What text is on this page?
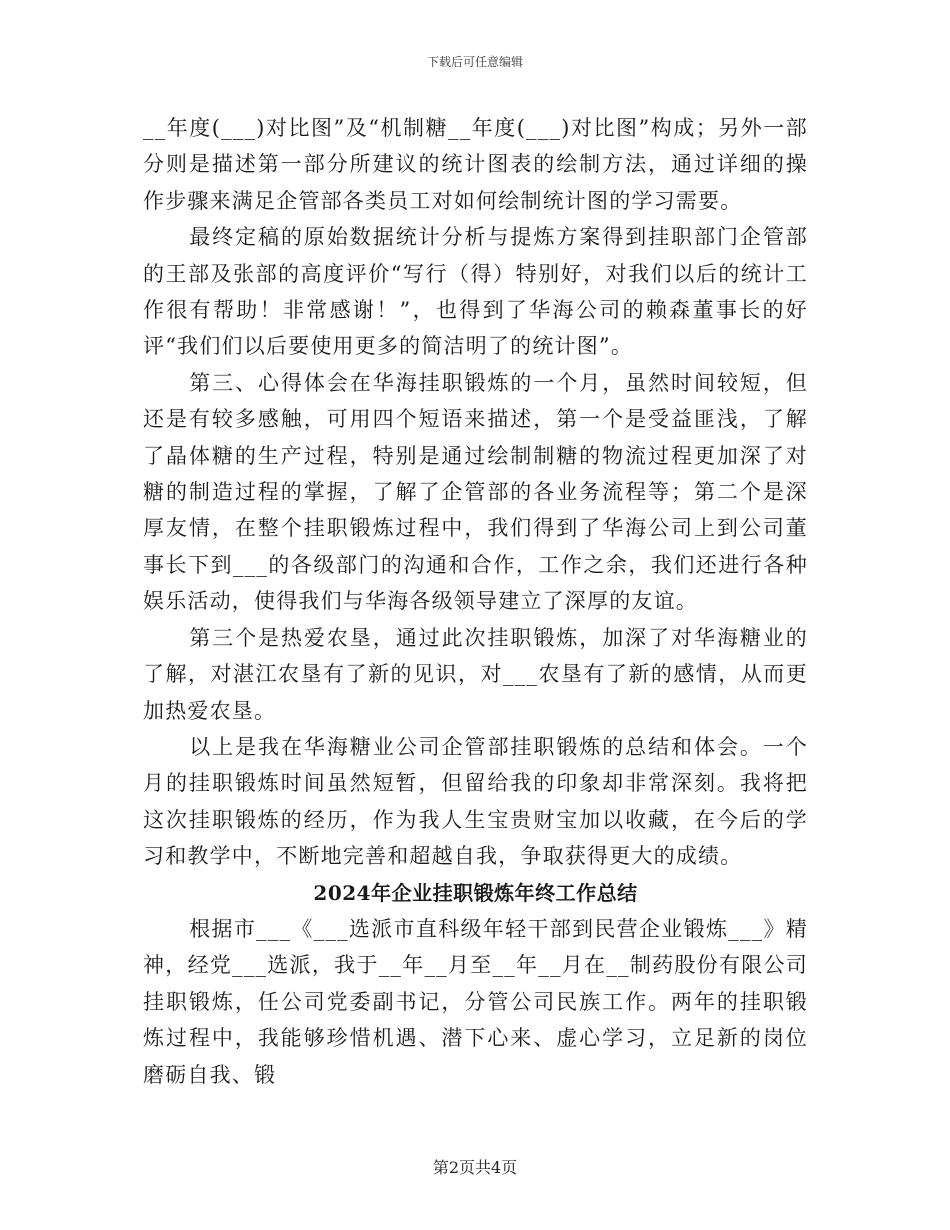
下载后可任意编辑

__年度(___)对比图”及“机制糖__年度(___)对比图”构成；另外一部分则是描述第一部分所建议的统计图表的绘制方法，通过详细的操作步骤来满足企管部各类员工对如何绘制统计图的学习需要。

最终定稿的原始数据统计分析与提炼方案得到挂职部门企管部的王部及张部的高度评价“写行（得）特别好，对我们以后的统计工作很有帮助！非常感谢！”，也得到了华海公司的赖森董事长的好评“我们们以后要使用更多的简洁明了的统计图”。

第三、心得体会在华海挂职锻炼的一个月，虽然时间较短，但还是有较多感触，可用四个短语来描述，第一个是受益匪浅，了解了晶体糖的生产过程，特别是通过绘制制糖的物流过程更加深了对糖的制造过程的掌握，了解了企管部的各业务流程等；第二个是深厚友情，在整个挂职锻炼过程中，我们得到了华海公司上到公司董事长下到___的各级部门的沟通和合作，工作之余，我们还进行各种娱乐活动，使得我们与华海各级领导建立了深厚的友谊。

第三个是热爱农垦，通过此次挂职锻炼，加深了对华海糖业的了解，对湛江农垦有了新的见识，对___农垦有了新的感情，从而更加热爱农垦。

以上是我在华海糖业公司企管部挂职锻炼的总结和体会。一个月的挂职锻炼时间虽然短暂，但留给我的印象却非常深刻。我将把这次挂职锻炼的经历，作为我人生宝贵财宝加以收藏，在今后的学习和教学中，不断地完善和超越自我，争取获得更大的成绩。

2024年企业挂职锻炼年终工作总结

根据市___《___选派市直科级年轻干部到民营企业锻炼___》精神，经党___选派，我于__年__月至__年__月在__制药股份有限公司挂职锻炼，任公司党委副书记，分管公司民族工作。两年的挂职锻炼过程中，我能够珍惜机遇、潜下心来、虚心学习，立足新的岗位磨砺自我、锻

第2页共4页
